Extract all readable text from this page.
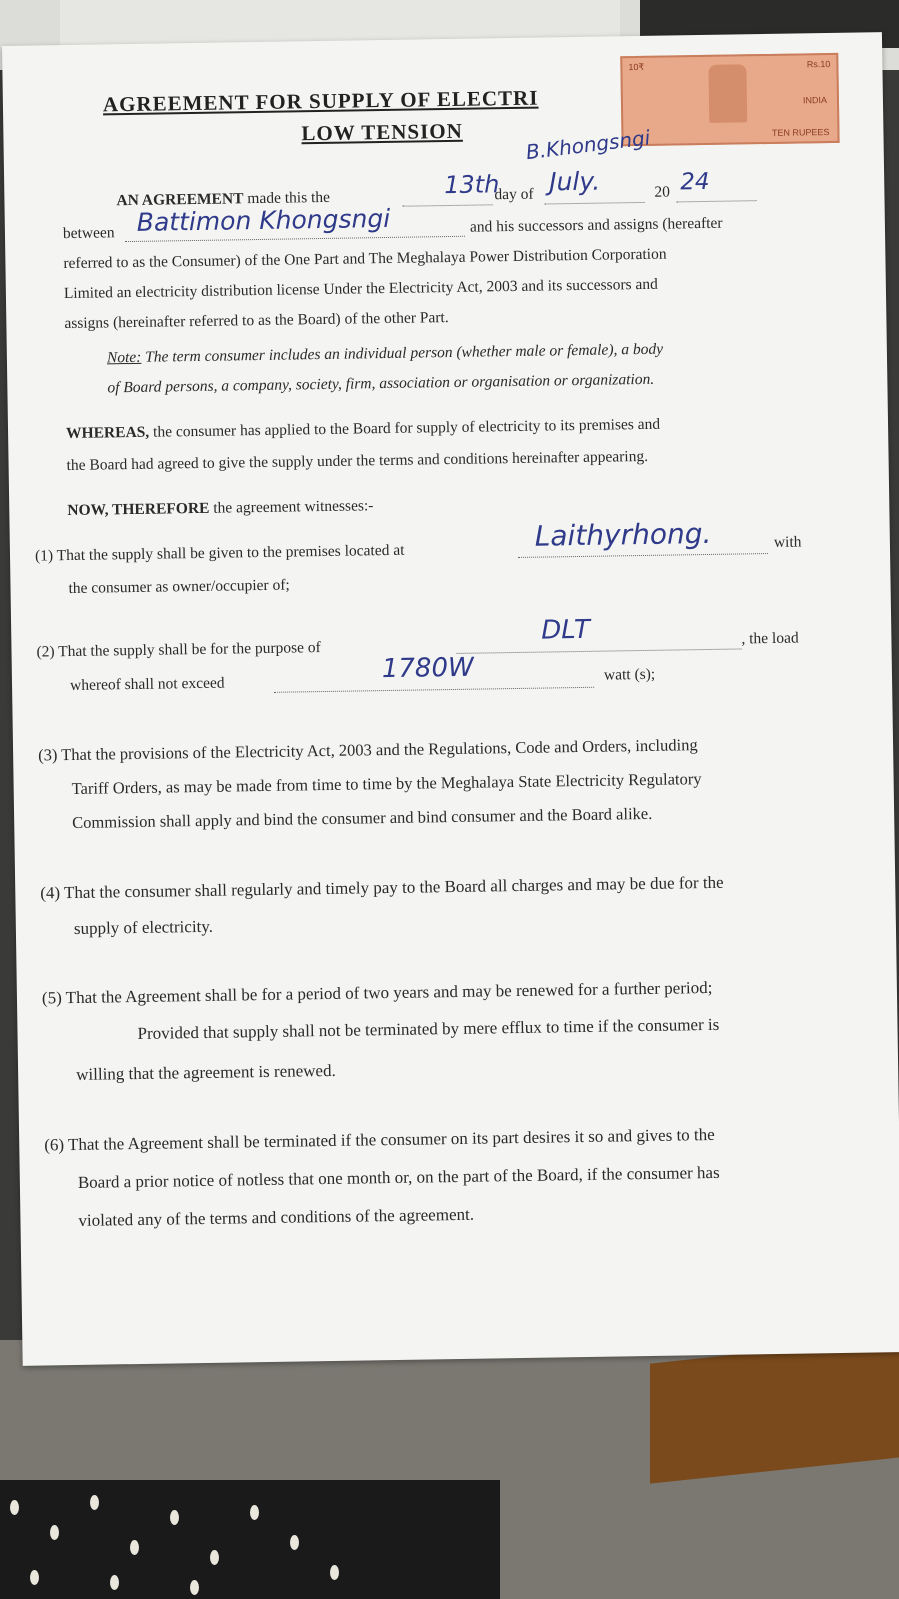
10₹	Rs.10
INDIA
TEN RUPEES
AGREEMENT FOR SUPPLY OF ELECTRI
LOW TENSION	B.Khongsngi
AN AGREEMENT made this the	13th
day of July.	20 24
between Battimon Khongsngi	and his successors and assigns (hereafter
referred to as the Consumer) of the One Part and The Meghalaya Power Distribution Corporation
Limited an electricity distribution license Under the Electricity Act, 2003 and its successors and
assigns (hereinafter referred to as the Board) of the other Part.
Note: The term consumer includes an individual person (whether male or female), a body
of Board persons, a company, society, firm, association or organisation or organization.
WHEREAS, the consumer has applied to the Board for supply of electricity to its premises and
the Board had agreed to give the supply under the terms and conditions hereinafter appearing.
NOW, THEREFORE the agreement witnesses:-
(1) That the supply shall be given to the premises located at
Laithyrhong.	with
the consumer as owner/occupier of;
(2) That the supply shall be for the purpose of
DLT	, the load
whereof shall not exceed
1780W	watt (s);
(3) That the provisions of the Electricity Act, 2003 and the Regulations, Code and Orders, including
Tariff Orders, as may be made from time to time by the Meghalaya State Electricity Regulatory
Commission shall apply and bind the consumer and bind consumer and the Board alike.
(4) That the consumer shall regularly and timely pay to the Board all charges and may be due for the
supply of electricity.
(5) That the Agreement shall be for a period of two years and may be renewed for a further period;
Provided that supply shall not be terminated by mere efflux to time if the consumer is
willing that the agreement is renewed.
(6) That the Agreement shall be terminated if the consumer on its part desires it so and gives to the
Board a prior notice of notless that one month or, on the part of the Board, if the consumer has
violated any of the terms and conditions of the agreement.
